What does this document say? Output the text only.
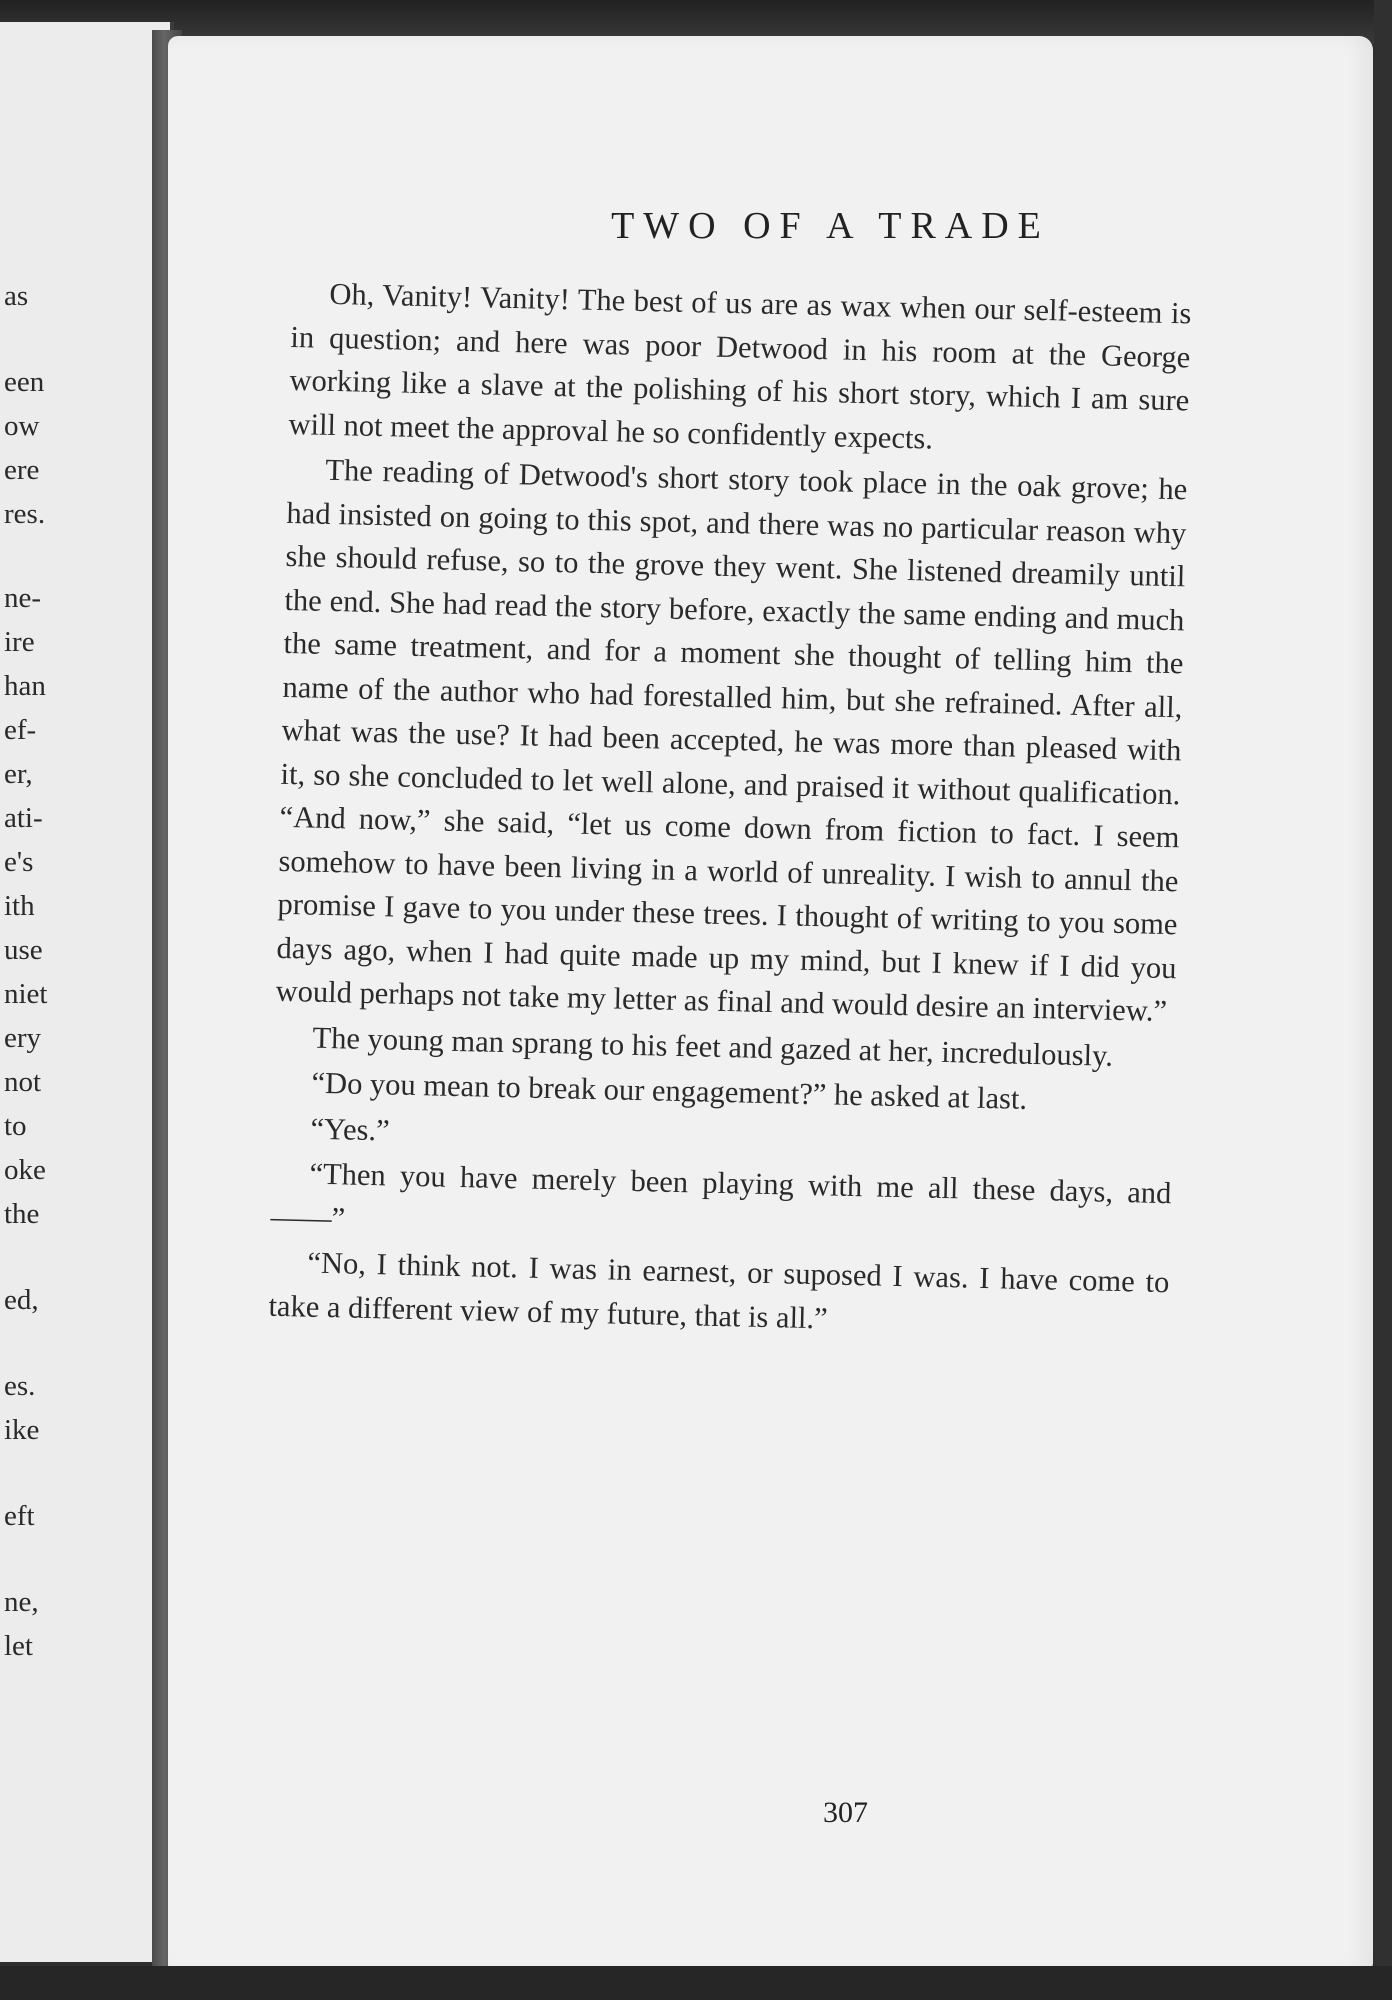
as
een
ow
ere
res.
ne-
ire
han
ef-
er,
ati-
e's
ith
use
niet
ery
not
to
oke
the
ed,
es.
ike
eft
ne,
let
TWO OF A TRADE

Oh, Vanity! Vanity! The best of us are as wax when our self-esteem is in question; and here was poor Detwood in his room at the George working like a slave at the polishing of his short story, which I am sure will not meet the approval he so confidently expects.

The reading of Detwood's short story took place in the oak grove; he had insisted on going to this spot, and there was no particular reason why she should refuse, so to the grove they went. She listened dreamily until the end. She had read the story before, exactly the same ending and much the same treatment, and for a moment she thought of telling him the name of the author who had forestalled him, but she refrained. After all, what was the use? It had been accepted, he was more than pleased with it, so she concluded to let well alone, and praised it without qualification. “And now,” she said, “let us come down from fiction to fact. I seem somehow to have been living in a world of unreality. I wish to annul the promise I gave to you under these trees. I thought of writing to you some days ago, when I had quite made up my mind, but I knew if I did you would perhaps not take my letter as final and would desire an interview.”

The young man sprang to his feet and gazed at her, incredulously.

“Do you mean to break our engagement?” he asked at last.

“Yes.”

“Then you have merely been playing with me all these days, and——”

“No, I think not. I was in earnest, or suposed I was. I have come to take a different view of my future, that is all.”

307
